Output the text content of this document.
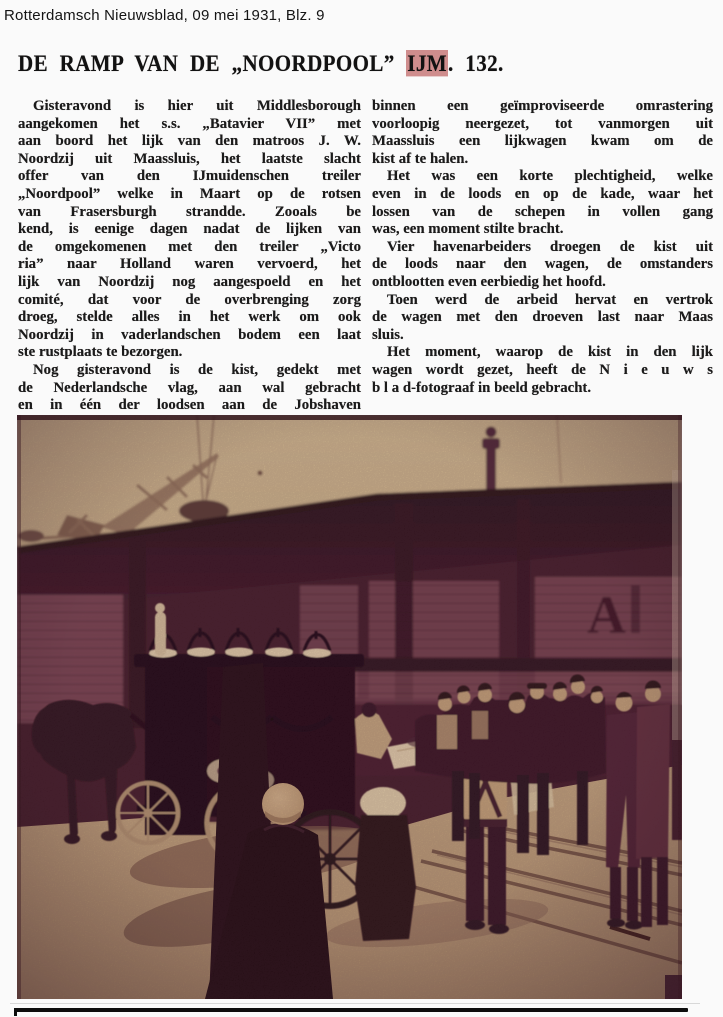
Rotterdamsch Nieuwsblad, 09 mei 1931, Blz. 9
DE RAMP VAN DE „NOORDPOOL” IJM. 132.
Gisteravond is hier uit Middlesborough
aangekomen het s.s. „Batavier VII” met
aan boord het lijk van den matroos J. W.
Noordzij uit Maassluis, het laatste slacht
offer van den IJmuidenschen treiler
„Noordpool” welke in Maart op de rotsen
van Frasersburgh strandde. Zooals be
kend, is eenige dagen nadat de lijken van
de omgekomenen met den treiler „Victo
ria” naar Holland waren vervoerd, het
lijk van Noordzij nog aangespoeld en het
comité, dat voor de overbrenging zorg
droeg, stelde alles in het werk om ook
Noordzij in vaderlandschen bodem een laat
ste rustplaats te bezorgen.
Nog gisteravond is de kist, gedekt met
de Nederlandsche vlag, aan wal gebracht
en in één der loodsen aan de Jobshaven
binnen een geïmproviseerde omrastering
voorloopig neergezet, tot vanmorgen uit
Maassluis een lijkwagen kwam om de
kist af te halen.
Het was een korte plechtigheid, welke
even in de loods en op de kade, waar het
lossen van de schepen in vollen gang
was, een moment stilte bracht.
Vier havenarbeiders droegen de kist uit
de loods naar den wagen, de omstanders
ontblootten even eerbiedig het hoofd.
Toen werd de arbeid hervat en vertrok
de wagen met den droeven last naar Maas
sluis.
Het moment, waarop de kist in den lijk
wagen wordt gezet, heeft de N i e u w s
b l a d-fotograaf in beeld gebracht.
